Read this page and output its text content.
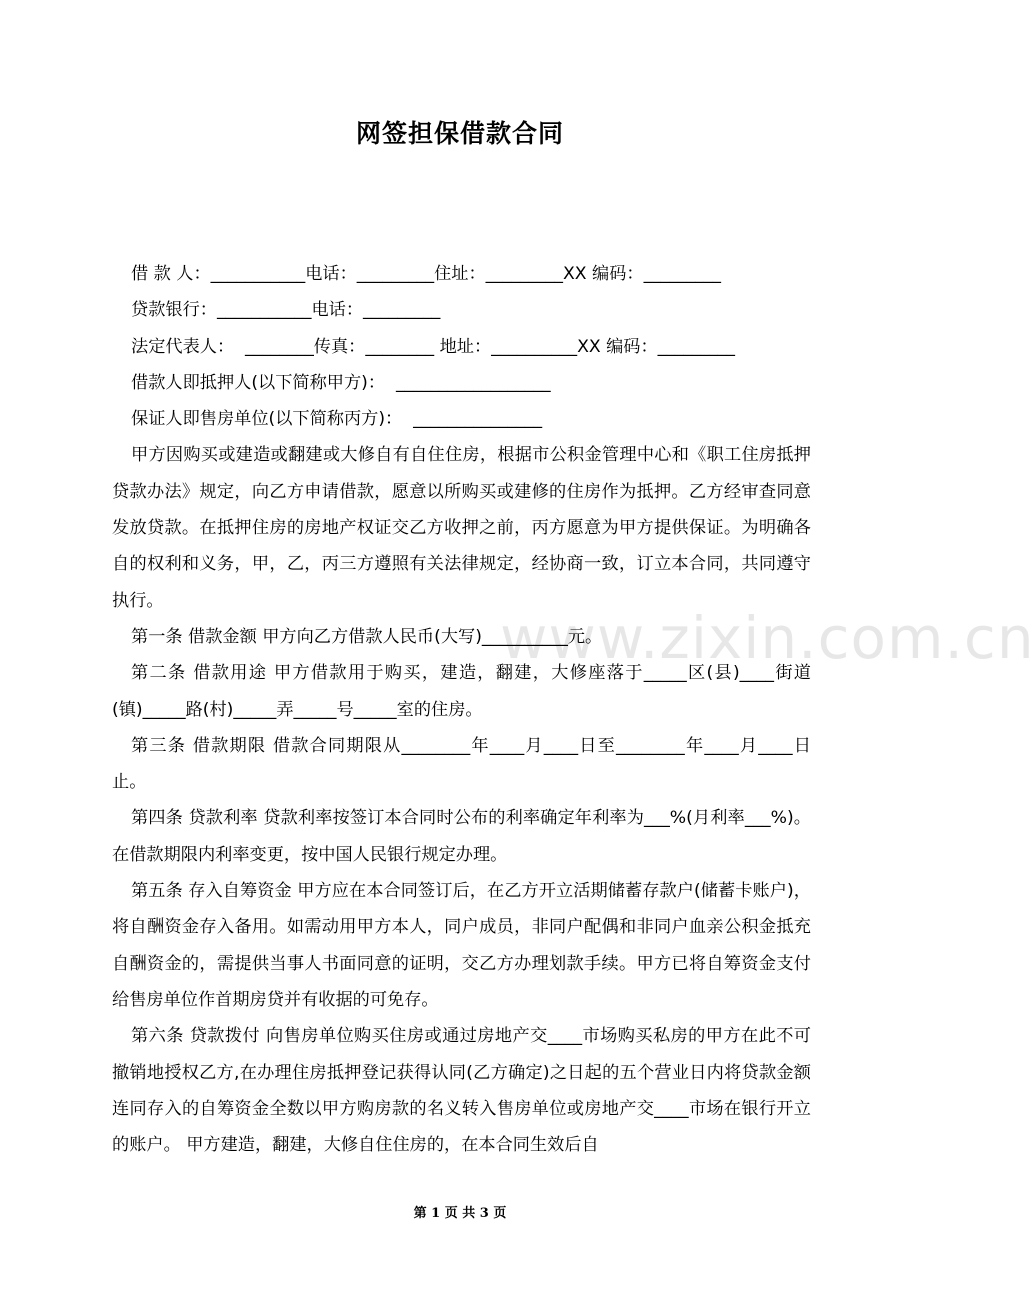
网签担保借款合同
www.zixin.com.cn

借 款 人：___________电话：_________住址：_________XX 编码：_________

贷款银行：___________电话：_________

法定代表人：  ________传真：________ 地址：__________XX 编码：_________

借款人即抵押人(以下简称甲方)：  __________________

保证人即售房单位(以下简称丙方)：  _______________

甲方因购买或建造或翻建或大修自有自住住房，根据市公积金管理中心和《职工住房抵押贷款办法》规定，向乙方申请借款，愿意以所购买或建修的住房作为抵押。乙方经审查同意发放贷款。在抵押住房的房地产权证交乙方收押之前，丙方愿意为甲方提供保证。为明确各自的权利和义务，甲，乙，丙三方遵照有关法律规定，经协商一致，订立本合同，共同遵守执行。

第一条 借款金额 甲方向乙方借款人民币(大写)__________元。

第二条 借款用途 甲方借款用于购买，建造，翻建，大修座落于_____区(县)____街道(镇)_____路(村)_____弄_____号_____室的住房。

第三条 借款期限 借款合同期限从________年____月____日至________年____月____日止。

第四条 贷款利率 贷款利率按签订本合同时公布的利率确定年利率为___%(月利率___%)。在借款期限内利率变更，按中国人民银行规定办理。

第五条 存入自筹资金 甲方应在本合同签订后，在乙方开立活期储蓄存款户(储蓄卡账户)，将自酬资金存入备用。如需动用甲方本人，同户成员，非同户配偶和非同户血亲公积金抵充自酬资金的，需提供当事人书面同意的证明，交乙方办理划款手续。甲方已将自筹资金支付给售房单位作首期房贷并有收据的可免存。

第六条 贷款拨付 向售房单位购买住房或通过房地产交____市场购买私房的甲方在此不可撤销地授权乙方,在办理住房抵押登记获得认同(乙方确定)之日起的五个营业日内将贷款金额连同存入的自筹资金全数以甲方购房款的名义转入售房单位或房地产交____市场在银行开立的账户。 甲方建造，翻建，大修自住住房的，在本合同生效后自

第 1 页 共 3 页
